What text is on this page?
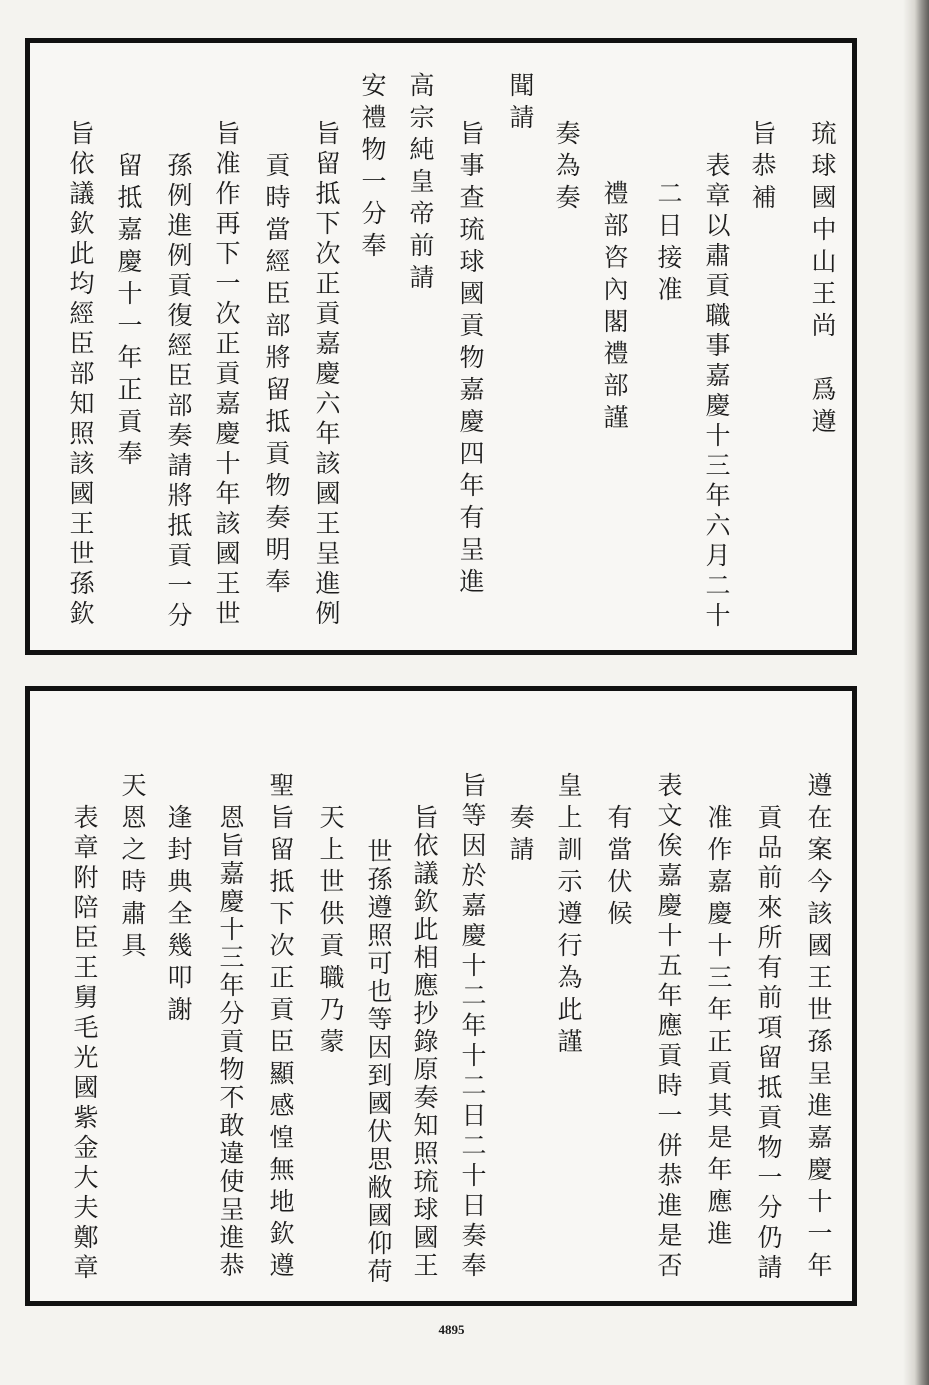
琉球國中山王尚　爲遵
旨恭補
表章以肅貢職事嘉慶十三年六月二十
二日接准
禮部咨內閣禮部謹
奏為奏
聞請
旨事查琉球國貢物嘉慶四年有呈進
高宗純皇帝前請
安禮物一分奉
旨留抵下次正貢嘉慶六年該國王呈進例
貢時當經臣部將留抵貢物奏明奉
旨准作再下一次正貢嘉慶十年該國王世
孫例進例貢復經臣部奏請將抵貢一分
留抵嘉慶十一年正貢奉
旨依議欽此均經臣部知照該國王世孫欽
遵在案今該國王世孫呈進嘉慶十一年
貢品前來所有前項留抵貢物一分仍請
准作嘉慶十三年正貢其是年應進
表文俟嘉慶十五年應貢時一併恭進是否
有當伏候
皇上訓示遵行為此謹
奏請
旨等因於嘉慶十二年十二日二十日奏奉
旨依議欽此相應抄錄原奏知照琉球國王
世孫遵照可也等因到國伏思敝國仰荷
天上世供貢職乃蒙
聖旨留抵下次正貢臣顯感惶無地欽遵
恩旨嘉慶十三年分貢物不敢違使呈進恭
逢封典全幾叩謝
天恩之時肅具
表章附陪臣王舅毛光國紫金大夫鄭章
4895
